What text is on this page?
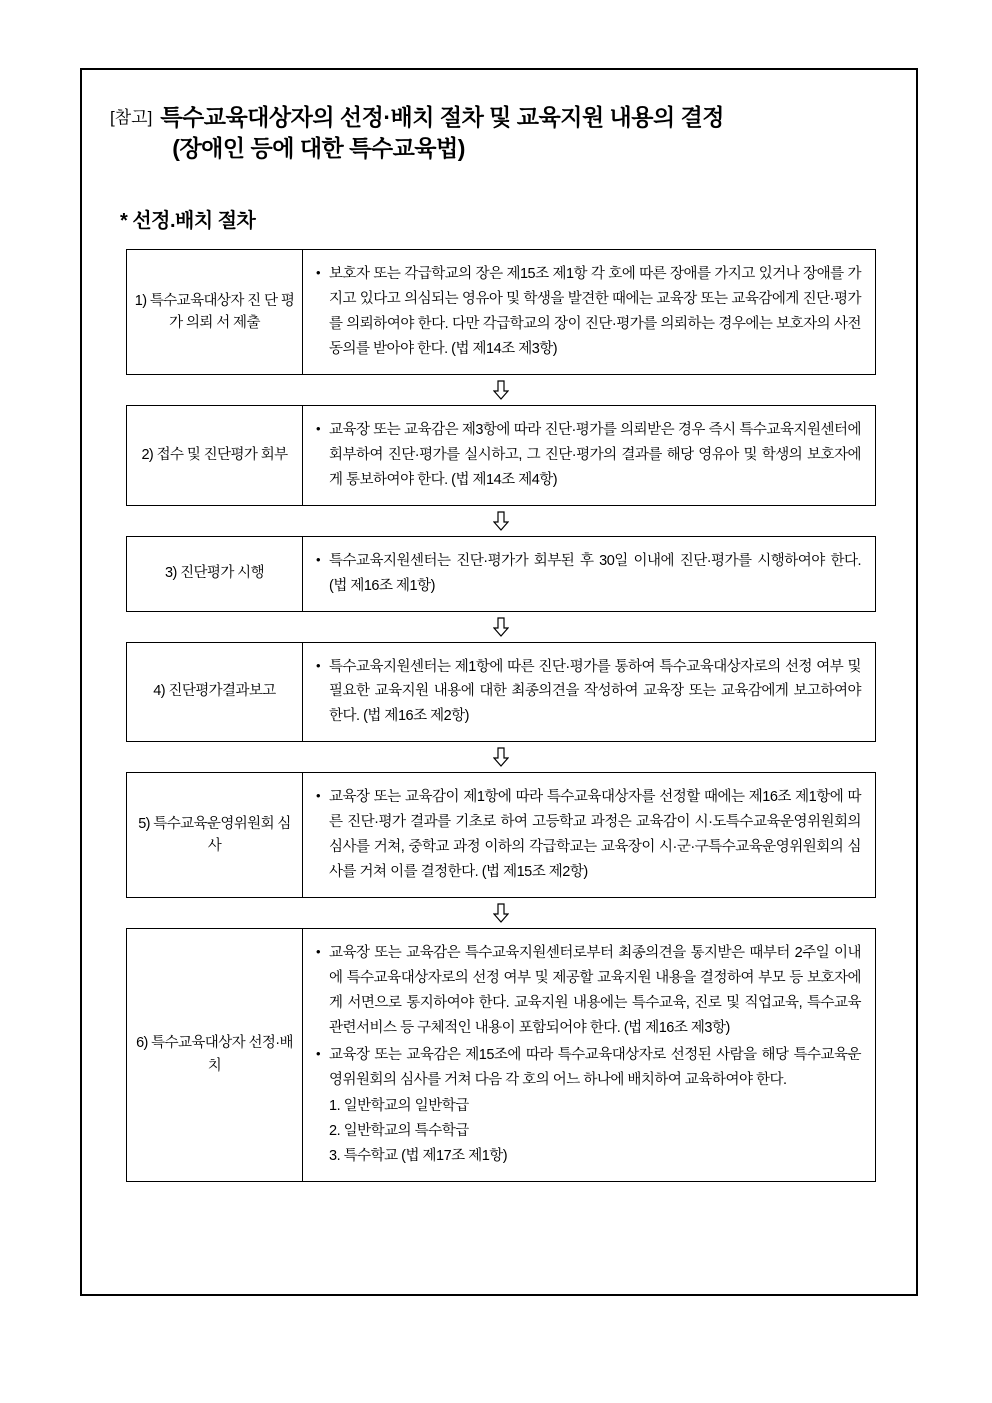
[참고] 특수교육대상자의 선정·배치 절차 및 교육지원 내용의 결정
(장애인 등에 대한 특수교육법)
* 선정.배치 절차
1) 특수교육대상자 진 단 평 가 의뢰 서 제출
• 보호자 또는 각급학교의 장은 제15조 제1항 각 호에 따른 장애를 가지고 있거나 장애를 가지고 있다고 의심되는 영유아 및 학생을 발견한 때에는 교육장 또는 교육감에게 진단·평가를 의뢰하여야 한다. 다만 각급학교의 장이 진단·평가를 의뢰하는 경우에는 보호자의 사전 동의를 받아야 한다. (법 제14조 제3항)
2) 접수 및 진단평가 회부
• 교육장 또는 교육감은 제3항에 따라 진단·평가를 의뢰받은 경우 즉시 특수교육지원센터에 회부하여 진단·평가를 실시하고, 그 진단·평가의 결과를 해당 영유아 및 학생의 보호자에게 통보하여야 한다. (법 제14조 제4항)
3) 진단평가 시행
• 특수교육지원센터는 진단·평가가 회부된 후 30일 이내에 진단·평가를 시행하여야 한다. (법 제16조 제1항)
4) 진단평가결과보고
• 특수교육지원센터는 제1항에 따른 진단·평가를 통하여 특수교육대상자로의 선정 여부 및 필요한 교육지원 내용에 대한 최종의견을 작성하여 교육장 또는 교육감에게 보고하여야 한다. (법 제16조 제2항)
5) 특수교육운영위원회 심사
• 교육장 또는 교육감이 제1항에 따라 특수교육대상자를 선정할 때에는 제16조 제1항에 따른 진단·평가 결과를 기초로 하여 고등학교 과정은 교육감이 시·도특수교육운영위원회의 심사를 거쳐, 중학교 과정 이하의 각급학교는 교육장이 시·군·구특수교육운영위원회의 심사를 거쳐 이를 결정한다. (법 제15조 제2항)
6) 특수교육대상자 선정·배치
• 교육장 또는 교육감은 특수교육지원센터로부터 최종의견을 통지받은 때부터 2주일 이내에 특수교육대상자로의 선정 여부 및 제공할 교육지원 내용을 결정하여 부모 등 보호자에게 서면으로 통지하여야 한다. 교육지원 내용에는 특수교육, 진로 및 직업교육, 특수교육 관련서비스 등 구체적인 내용이 포함되어야 한다. (법 제16조 제3항)
• 교육장 또는 교육감은 제15조에 따라 특수교육대상자로 선정된 사람을 해당 특수교육운영위원회의 심사를 거쳐 다음 각 호의 어느 하나에 배치하여 교육하여야 한다.
1. 일반학교의 일반학급
2. 일반학교의 특수학급
3. 특수학교 (법 제17조 제1항)
